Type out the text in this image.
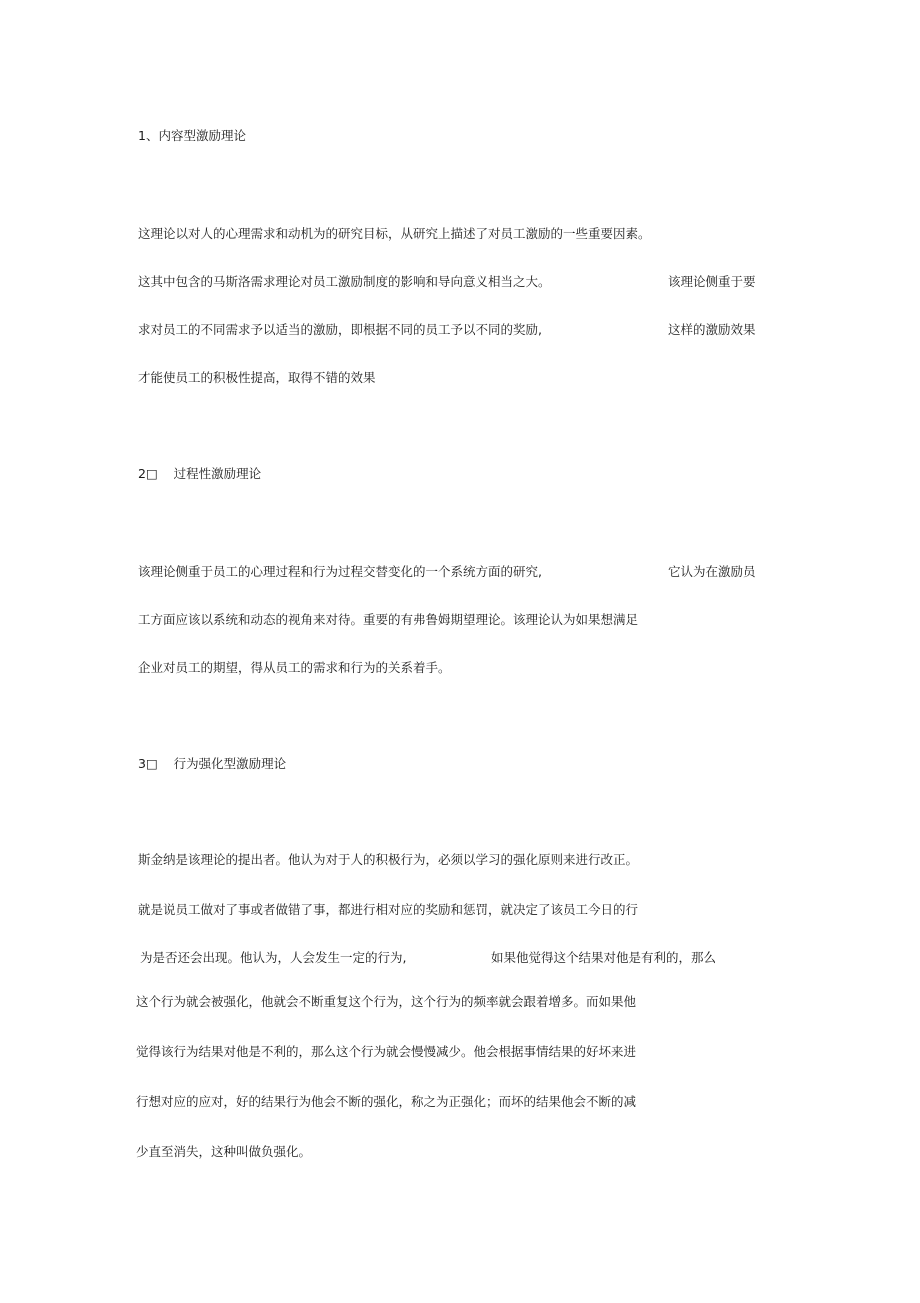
1、内容型激励理论
这理论以对人的心理需求和动机为的研究目标，从研究上描述了对员工激励的一些重要因素。
这其中包含的马斯洛需求理论对员工激励制度的影响和导向意义相当之大。	该理论侧重于要
求对员工的不同需求予以适当的激励，即根据不同的员工予以不同的奖励,	这样的激励效果
才能使员工的积极性提高，取得不错的效果
2□    过程性激励理论
该理论侧重于员工的心理过程和行为过程交替变化的一个系统方面的研究,	它认为在激励员
工方面应该以系统和动态的视角来对待。重要的有弗鲁姆期望理论。该理论认为如果想满足
企业对员工的期望，得从员工的需求和行为的关系着手。
3□    行为强化型激励理论
斯金纳是该理论的提出者。他认为对于人的积极行为，必须以学习的强化原则来进行改正。
就是说员工做对了事或者做错了事，都进行相对应的奖励和惩罚，就决定了该员工今日的行
为是否还会出现。他认为，人会发生一定的行为,	如果他觉得这个结果对他是有利的，那么
这个行为就会被强化，他就会不断重复这个行为，这个行为的频率就会跟着增多。而如果他
觉得该行为结果对他是不利的，那么这个行为就会慢慢减少。他会根据事情结果的好坏来进
行想对应的应对，好的结果行为他会不断的强化，称之为正强化；而坏的结果他会不断的减
少直至消失，这种叫做负强化。
